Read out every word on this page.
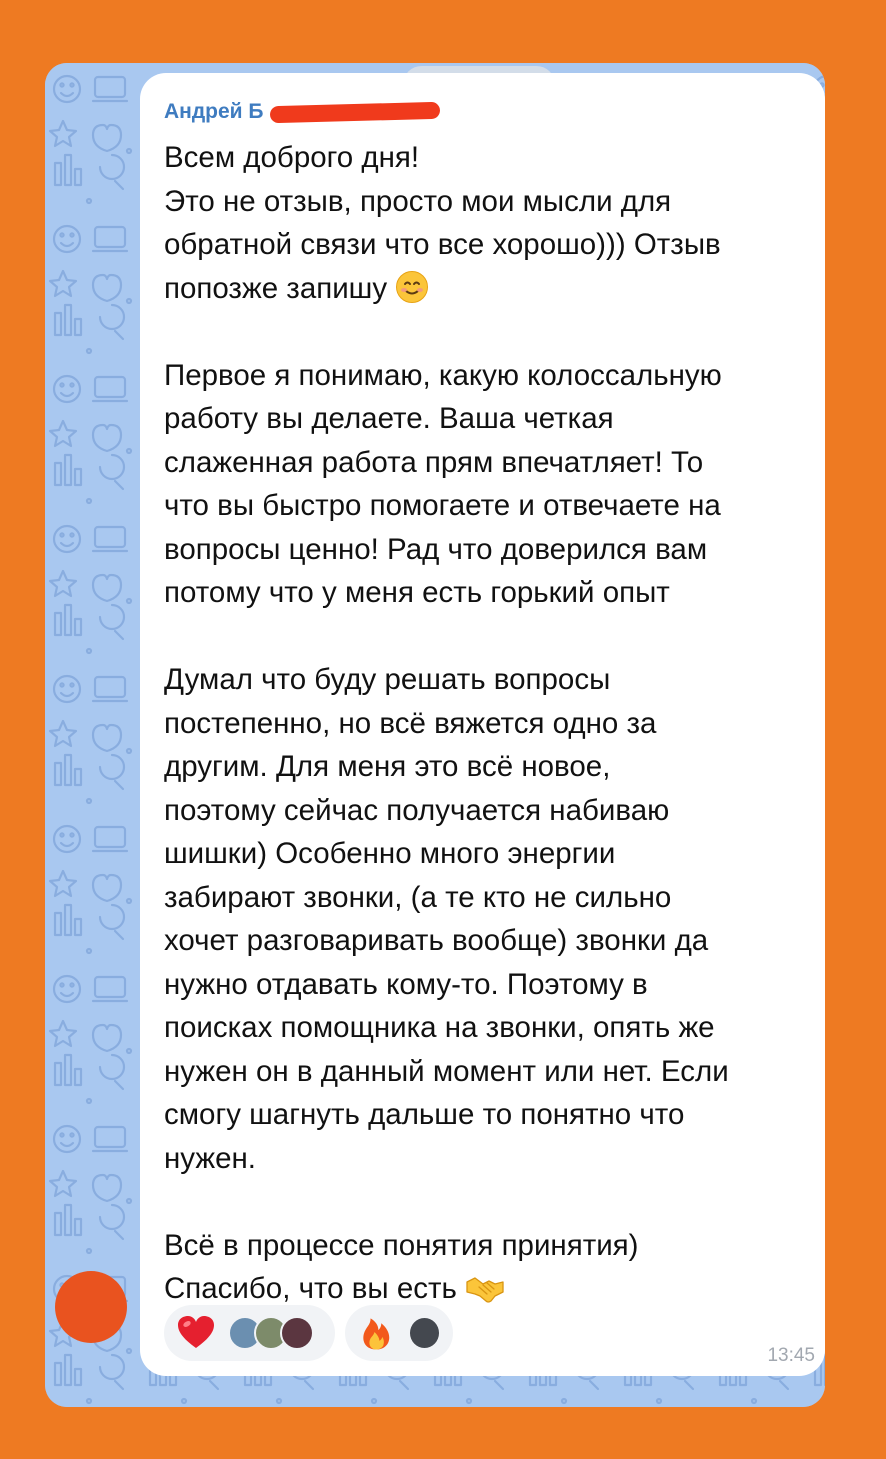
Андрей Б

Всем доброго дня!

Это не отзыв, просто мои мысли для

обратной связи что все хорошо))) Отзыв

попозже запишу

Первое я понимаю, какую колоссальную

работу вы делаете. Ваша четкая

слаженная работа прям впечатляет! То

что вы быстро помогаете и отвечаете на

вопросы ценно! Рад что доверился вам

потому что у меня есть горький опыт

Думал что буду решать вопросы

постепенно, но всё вяжется одно за

другим. Для меня это всё новое,

поэтому сейчас получается набиваю

шишки) Особенно много энергии

забирают звонки, (а те кто не сильно

хочет разговаривать вообще) звонки да

нужно отдавать кому-то. Поэтому в

поисках помощника на звонки, опять же

нужен он в данный момент или нет. Если

смогу шагнуть дальше то понятно что

нужен.

Всё в процессе понятия принятия)

Спасибо, что вы есть

13:45
